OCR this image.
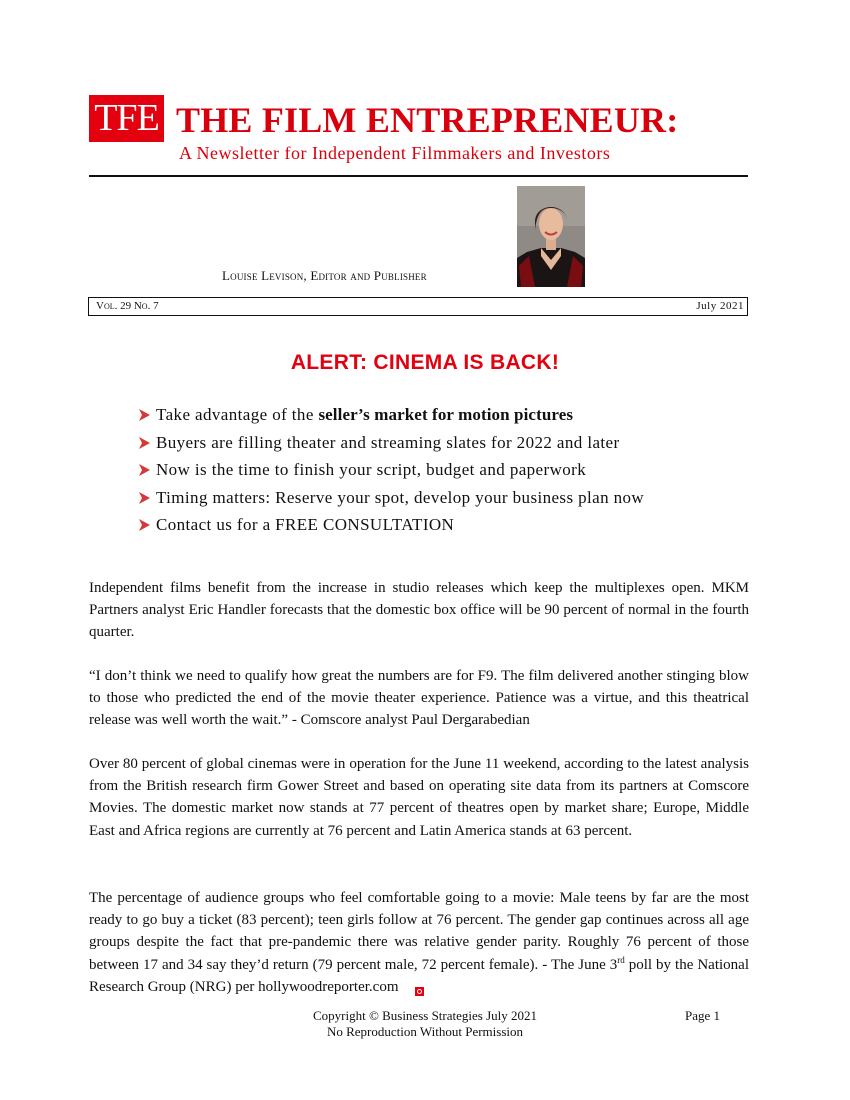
TFE THE FILM ENTREPRENEUR:
A Newsletter for Independent Filmmakers and Investors
Louise Levison, Editor and Publisher
Vol. 29 No. 7	July 2021
ALERT: CINEMA IS BACK!
Take advantage of the seller’s market for motion pictures
Buyers are filling theater and streaming slates for 2022 and later
Now is the time to finish your script, budget and paperwork
Timing matters: Reserve your spot, develop your business plan now
Contact us for a FREE CONSULTATION

Independent films benefit from the increase in studio releases which keep the multiplexes open. MKM Partners analyst Eric Handler forecasts that the domestic box office will be 90 percent of normal in the fourth quarter.

“I don’t think we need to qualify how great the numbers are for F9. The film delivered another stinging blow to those who predicted the end of the movie theater experience. Patience was a virtue, and this theatrical release was well worth the wait.” - Comscore analyst Paul Dergarabedian

Over 80 percent of global cinemas were in operation for the June 11 weekend, according to the latest analysis from the British research firm Gower Street and based on operating site data from its partners at Comscore Movies. The domestic market now stands at 77 percent of theatres open by market share; Europe, Middle East and Africa regions are currently at 76 percent and Latin America stands at 63 percent.

The percentage of audience groups who feel comfortable going to a movie: Male teens by far are the most ready to go buy a ticket (83 percent); teen girls follow at 76 percent. The gender gap continues across all age groups despite the fact that pre-pandemic there was relative gender parity. Roughly 76 percent of those between 17 and 34 say they’d return (79 percent male, 72 percent female). - The June 3rd poll by the National Research Group (NRG) per hollywoodreporter.com

Copyright © Business Strategies July 2021
No Reproduction Without Permission
Page 1
